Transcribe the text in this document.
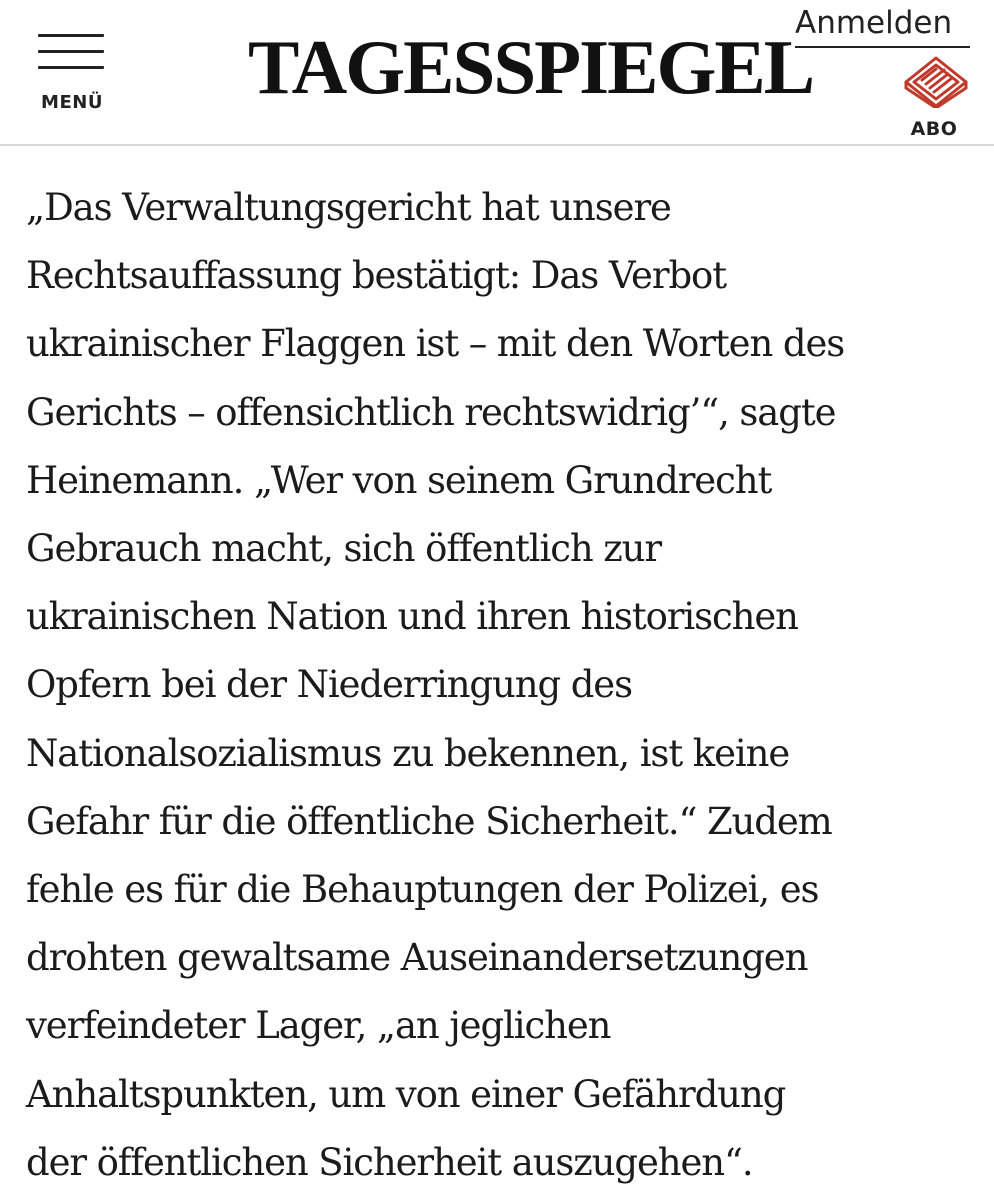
MENÜ TAGESSPIEGEL
Anmelden
ABO

„Das Verwaltungsgericht hat unsere
Rechtsauffassung bestätigt: Das Verbot
ukrainischer Flaggen ist – mit den Worten des
Gerichts – offensichtlich rechtswidrig’“, sagte
Heinemann. „Wer von seinem Grundrecht
Gebrauch macht, sich öffentlich zur
ukrainischen Nation und ihren historischen
Opfern bei der Niederringung des
Nationalsozialismus zu bekennen, ist keine
Gefahr für die öffentliche Sicherheit.“ Zudem
fehle es für die Behauptungen der Polizei, es
drohten gewaltsame Auseinandersetzungen
verfeindeter Lager, „an jeglichen
Anhaltspunkten, um von einer Gefährdung
der öffentlichen Sicherheit auszugehen“.
